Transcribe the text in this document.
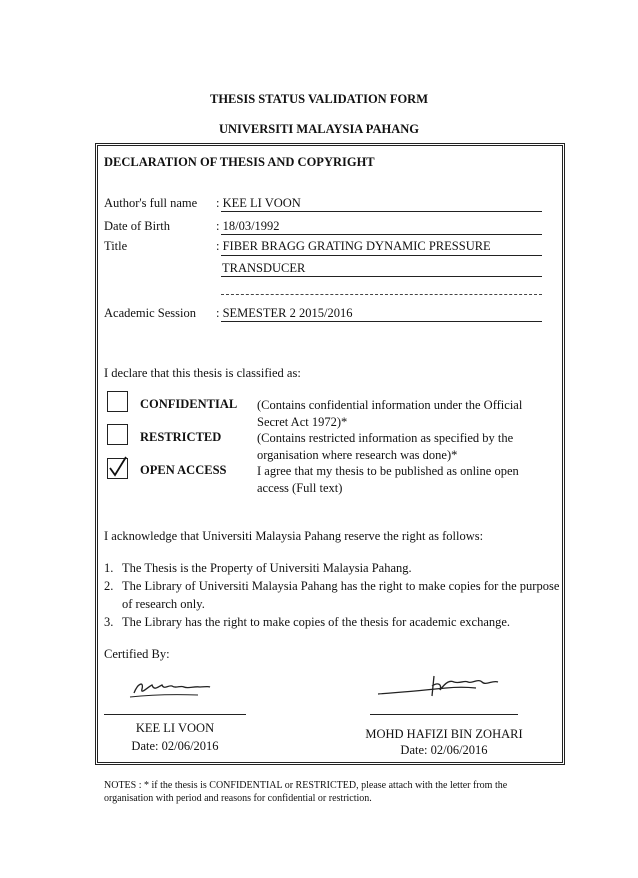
THESIS STATUS VALIDATION FORM
UNIVERSITI MALAYSIA PAHANG
DECLARATION OF THESIS AND COPYRIGHT
Author's full name : KEE LI VOON
Date of Birth	: 18/03/1992
Title	: FIBER BRAGG GRATING DYNAMIC PRESSURE
TRANSDUCER
Academic Session : SEMESTER 2 2015/2016
I declare that this thesis is classified as:
CONFIDENTIAL (Contains confidential information under the Official
Secret Act 1972)*
RESTRICTED	(Contains restricted information as specified by the
organisation where research was done)*
OPEN ACCESS I agree that my thesis to be published as online open
access (Full text)
I acknowledge that Universiti Malaysia Pahang reserve the right as follows:
1. The Thesis is the Property of Universiti Malaysia Pahang.
2. The Library of Universiti Malaysia Pahang has the right to make copies for the purpose of research only.
3. The Library has the right to make copies of the thesis for academic exchange.
Certified By:
KEE LI VOON
Date: 02/06/2016
MOHD HAFIZI BIN ZOHARI
Date: 02/06/2016
NOTES : * if the thesis is CONFIDENTIAL or RESTRICTED, please attach with the letter from the organisation with period and reasons for confidential or restriction.
